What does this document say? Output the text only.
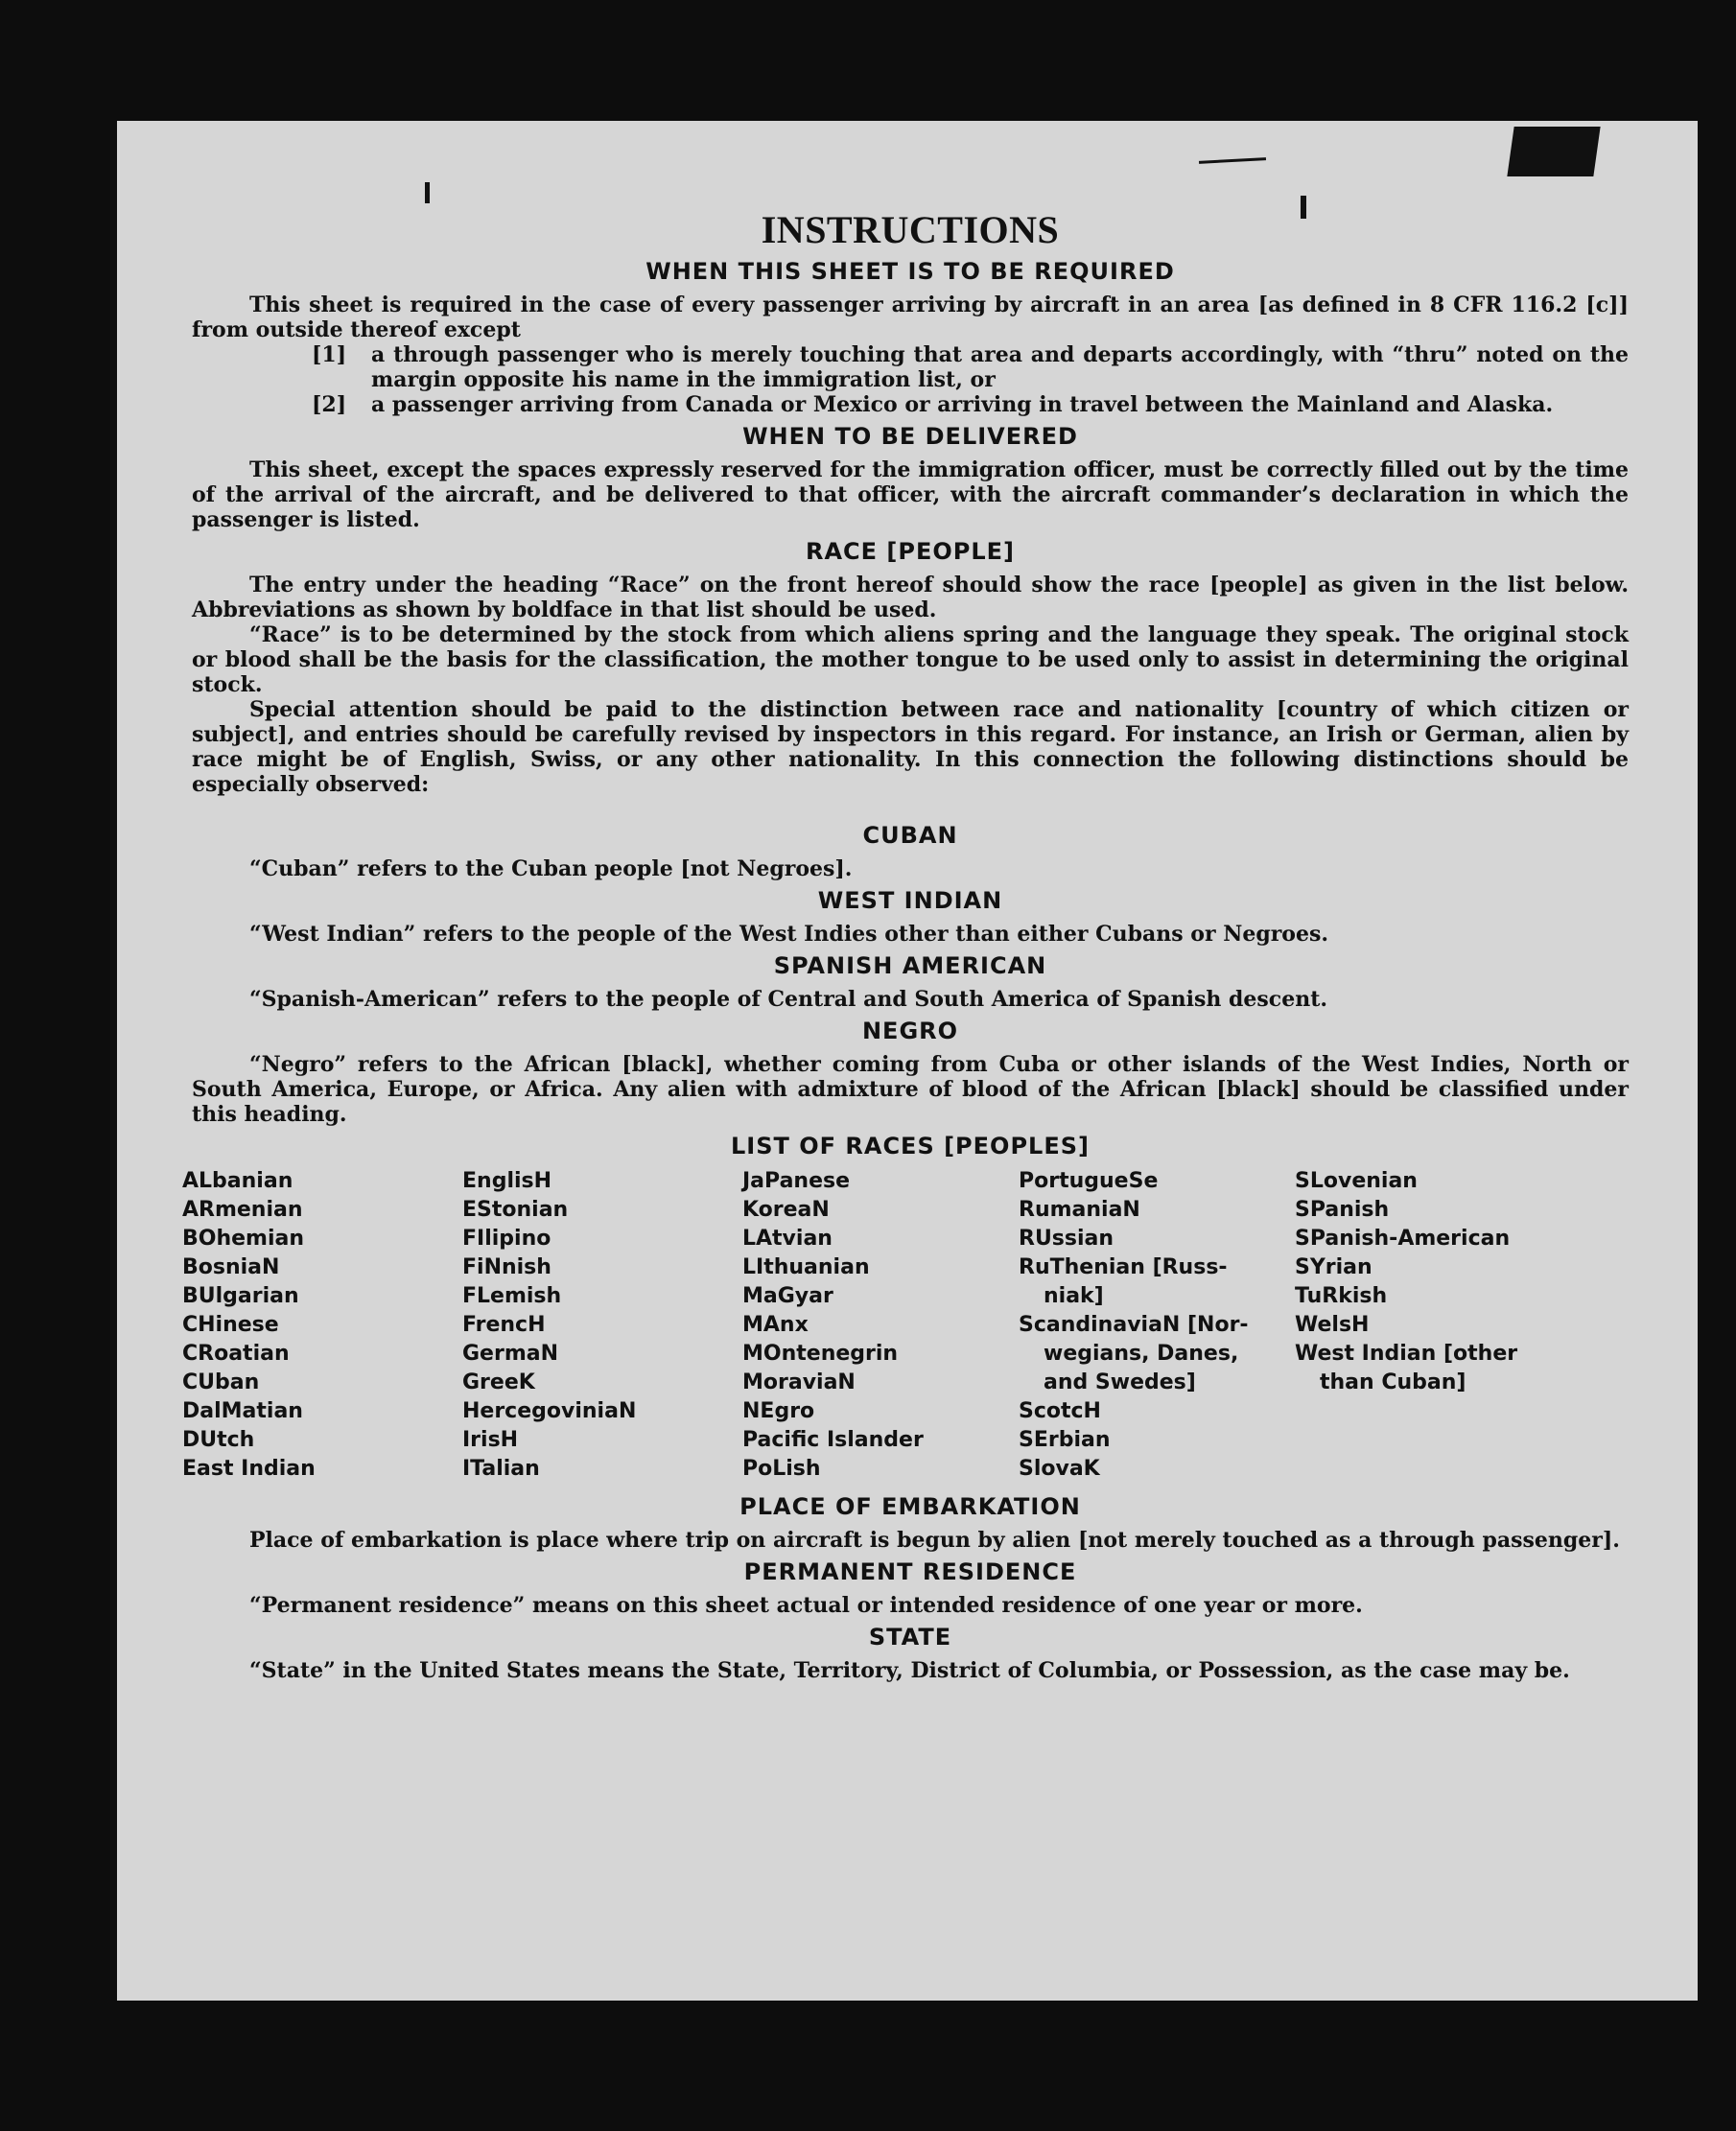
INSTRUCTIONS
WHEN THIS SHEET IS TO BE REQUIRED

This sheet is required in the case of every passenger arriving by aircraft in an area [as defined in 8 CFR 116.2 [c]] from outside thereof except

[1]	a through passenger who is merely touching that area and departs accordingly, with “thru” noted on the margin opposite his name in the immigration list, or
[2]	a passenger arriving from Canada or Mexico or arriving in travel between the Mainland and Alaska.
WHEN TO BE DELIVERED

This sheet, except the spaces expressly reserved for the immigration officer, must be correctly filled out by the time of the arrival of the aircraft, and be delivered to that officer, with the aircraft commander’s declaration in which the passenger is listed.

RACE [PEOPLE]

The entry under the heading “Race” on the front hereof should show the race [people] as given in the list below. Abbreviations as shown by boldface in that list should be used.

“Race” is to be determined by the stock from which aliens spring and the language they speak. The original stock or blood shall be the basis for the classification, the mother tongue to be used only to assist in determining the original stock.

Special attention should be paid to the distinction between race and nationality [country of which citizen or subject], and entries should be carefully revised by inspectors in this regard. For instance, an Irish or German, alien by race might be of English, Swiss, or any other nationality. In this connection the following distinctions should be especially observed:

CUBAN

“Cuban” refers to the Cuban people [not Negroes].

WEST INDIAN

“West Indian” refers to the people of the West Indies other than either Cubans or Negroes.

SPANISH AMERICAN

“Spanish-American” refers to the people of Central and South America of Spanish descent.

NEGRO

“Negro” refers to the African [black], whether coming from Cuba or other islands of the West Indies, North or South America, Europe, or Africa. Any alien with admixture of blood of the African [black] should be classified under this heading.

LIST OF RACES [PEOPLES]
ALbanian
ARmenian
BOhemian
BosniaN
BUlgarian
CHinese
CRoatian
CUban
DalMatian
DUtch
East Indian
EnglisH
EStonian
FIlipino
FiNnish
FLemish
FrencH
GermaN
GreeK
HercegoviniaN
IrisH
ITalian
JaPanese
KoreaN
LAtvian
LIthuanian
MaGyar
MAnx
MOntenegrin
MoraviaN
NEgro
Pacific Islander
PoLish
PortugueSe
RumaniaN
RUssian
RuThenian [Russ-
niak]
ScandinaviaN [Nor-
wegians, Danes,
and Swedes]
ScotcH
SErbian
SlovaK
SLovenian
SPanish
SPanish-American
SYrian
TuRkish
WelsH
West Indian [other
than Cuban]
PLACE OF EMBARKATION

Place of embarkation is place where trip on aircraft is begun by alien [not merely touched as a through passenger].

PERMANENT RESIDENCE

“Permanent residence” means on this sheet actual or intended residence of one year or more.

STATE

“State” in the United States means the State, Territory, District of Columbia, or Possession, as the case may be.
